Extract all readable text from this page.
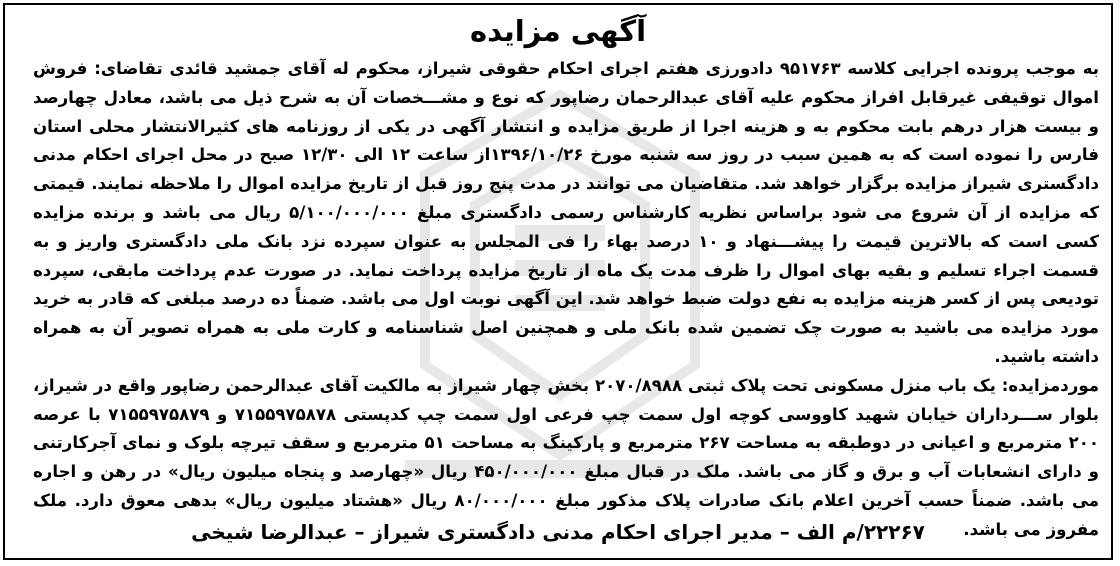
آگهی مزایده

به موجب پرونده اجرایی کلاسه ۹۵۱۷۶۳ دادورزی هفتم اجرای احکام حقوقی شیراز، محکوم له آقای جمشید قائدی تقاضای: فروش اموال توقیفی غیرقابل افراز محکوم علیه آقای عبدالرحمان رضاپور که نوع و مشـــخصات آن به شرح ذیل می باشد، معادل چهارصد و بیست هزار درهم بابت محکوم به و هزینه اجرا از طریق مزایده و انتشار آگهی در یکی از روزنامه های کثیرالانتشار محلی استان فارس را نموده است که به همین سبب در روز سه شنبه مورخ ۱۳۹۶/۱۰/۲۶از ساعت ۱۲ الی ۱۲/۳۰ صبح در محل اجرای احکام مدنی دادگستری شیراز مزایده برگزار خواهد شد. متقاضیان می توانند در مدت پنج روز قبل از تاریخ مزایده اموال را ملاحظه نمایند. قیمتی که مزایده از آن شروع می شود براساس نظریه کارشناس رسمی دادگستری مبلغ ۵/۱۰۰/۰۰۰/۰۰۰ ریال می باشد و برنده مزایده کسی است که بالاترین قیمت را پیشـــنهاد و ۱۰ درصد بهاء را فی المجلس به عنوان سپرده نزد بانک ملی دادگستری واریز و به قسمت اجراء تسلیم و بقیه بهای اموال را ظرف مدت یک ماه از تاریخ مزایده پرداخت نماید. در صورت عدم پرداخت مابقی، سپرده تودیعی پس از کسر هزینه مزایده به نفع دولت ضبط خواهد شد. این آگهی نوبت اول می باشد. ضمناً ده درصد مبلغی که قادر به خرید مورد مزایده می باشید به صورت چک تضمین شده بانک ملی و همچنین اصل شناسنامه و کارت ملی به همراه تصویر آن به همراه داشته باشید.

موردمزایده: یک باب منزل مسکونی تحت پلاک ثبتی ۲۰۷۰/۸۹۸۸ بخش چهار شیراز به مالکیت آقای عبدالرحمن رضاپور واقع در شیراز، بلوار ســـرداران خیابان شهید کاووسی کوچه اول سمت چپ فرعی اول سمت چپ کدپستی ۷۱۵۵۹۷۵۸۷۸ و ۷۱۵۵۹۷۵۸۷۹ با عرصه ۲۰۰ مترمربع و اعیانی در دوطبقه به مساحت ۲۶۷ مترمربع و پارکینگ به مساحت ۵۱ مترمربع و سقف تیرچه بلوک و نمای آجرکارتنی و دارای انشعابات آب و برق و گاز می باشد. ملک در قبال مبلغ ۴۵۰/۰۰۰/۰۰۰ ریال «چهارصد و پنجاه میلیون ریال» در رهن و اجاره می باشد. ضمناً حسب آخرین اعلام بانک صادرات پلاک مذکور مبلغ ۸۰/۰۰۰/۰۰۰ ریال «هشتاد میلیون ریال» بدهی معوق دارد. ملک مفروز می باشد.

۲۲۲۶۷/م الف – مدیر اجرای احکام مدنی دادگستری شیراز – عبدالرضا شیخی
